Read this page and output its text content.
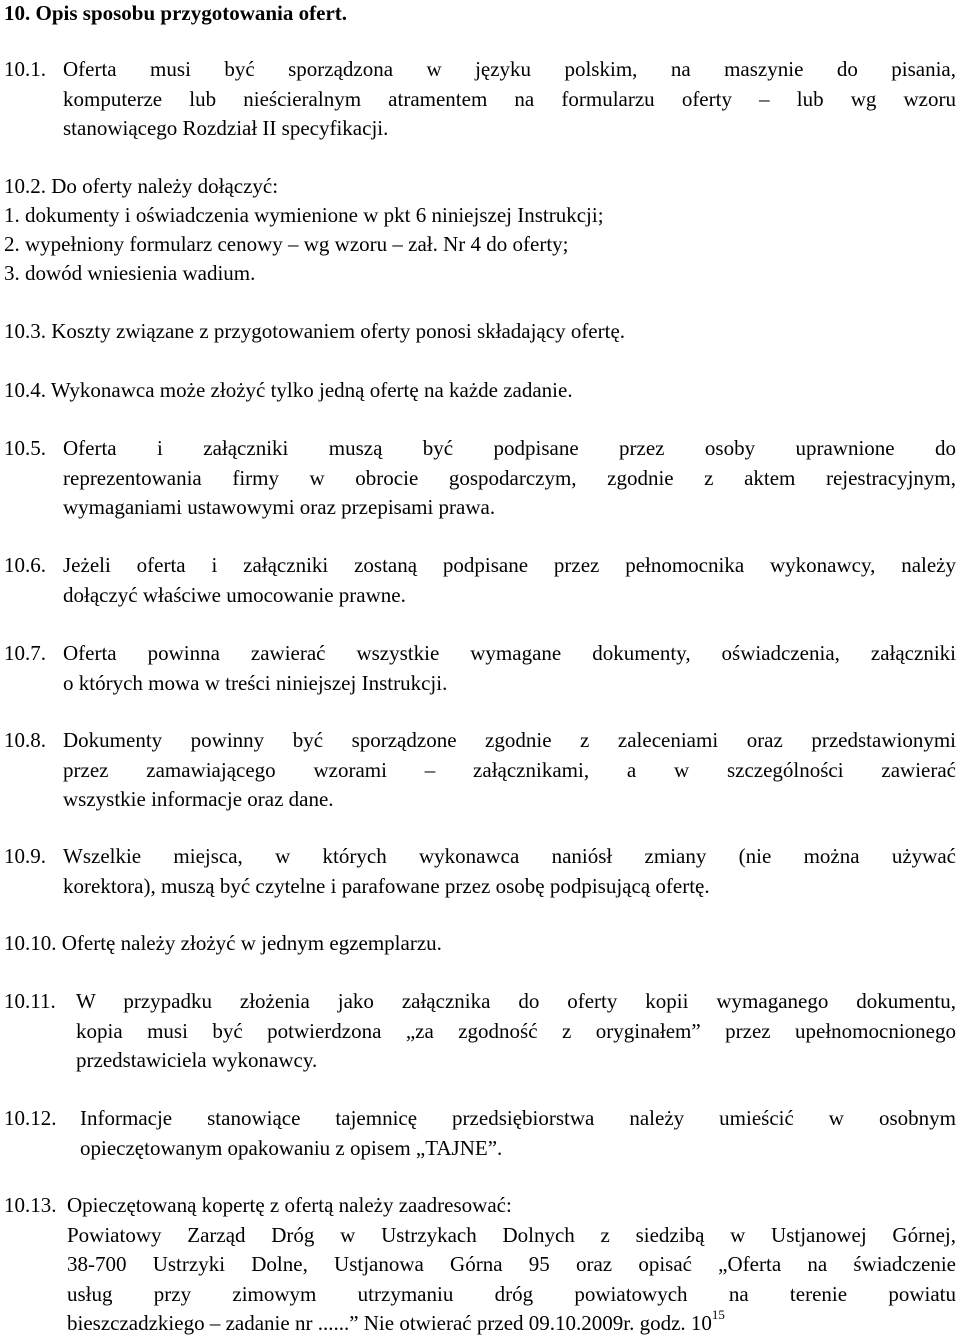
10. Opis sposobu przygotowania ofert.
10.1. Oferta musi być sporządzona w języku polskim, na maszynie do pisania,
komputerze lub nieścieralnym atramentem na formularzu oferty – lub wg wzoru
stanowiącego Rozdział II specyfikacji.
10.2. Do oferty należy dołączyć:
1. dokumenty i oświadczenia wymienione w pkt 6 niniejszej Instrukcji;
2. wypełniony formularz cenowy – wg wzoru – zał. Nr 4 do oferty;
3. dowód wniesienia wadium.
10.3. Koszty związane z przygotowaniem oferty ponosi składający ofertę.
10.4. Wykonawca może złożyć tylko jedną ofertę na każde zadanie.
10.5. Oferta i załączniki muszą być podpisane przez osoby uprawnione do
reprezentowania firmy w obrocie gospodarczym, zgodnie z aktem rejestracyjnym,
wymaganiami ustawowymi oraz przepisami prawa.
10.6. Jeżeli oferta i załączniki zostaną podpisane przez pełnomocnika wykonawcy, należy
dołączyć właściwe umocowanie prawne.
10.7. Oferta powinna zawierać wszystkie wymagane dokumenty, oświadczenia, załączniki
o których mowa w treści niniejszej Instrukcji.
10.8. Dokumenty powinny być sporządzone zgodnie z zaleceniami oraz przedstawionymi
przez zamawiającego wzorami – załącznikami, a w szczególności zawierać
wszystkie informacje oraz dane.
10.9. Wszelkie miejsca, w których wykonawca naniósł zmiany (nie można używać
korektora), muszą być czytelne i parafowane przez osobę podpisującą ofertę.
10.10. Ofertę należy złożyć w jednym egzemplarzu.
10.11. W przypadku złożenia jako załącznika do oferty kopii wymaganego dokumentu,
kopia musi być potwierdzona „za zgodność z oryginałem” przez upełnomocnionego
przedstawiciela wykonawcy.
10.12. Informacje stanowiące tajemnicę przedsiębiorstwa należy umieścić w osobnym
opieczętowanym opakowaniu z opisem „TAJNE”.
10.13. Opieczętowaną kopertę z ofertą należy zaadresować:
Powiatowy Zarząd Dróg w Ustrzykach Dolnych z siedzibą w Ustjanowej Górnej,
38-700 Ustrzyki Dolne, Ustjanowa Górna 95 oraz opisać „Oferta na świadczenie
usług przy zimowym utrzymaniu dróg powiatowych na terenie powiatu
bieszczadzkiego – zadanie nr ......” Nie otwierać przed 09.10.2009r. godz. $10^{15}$
